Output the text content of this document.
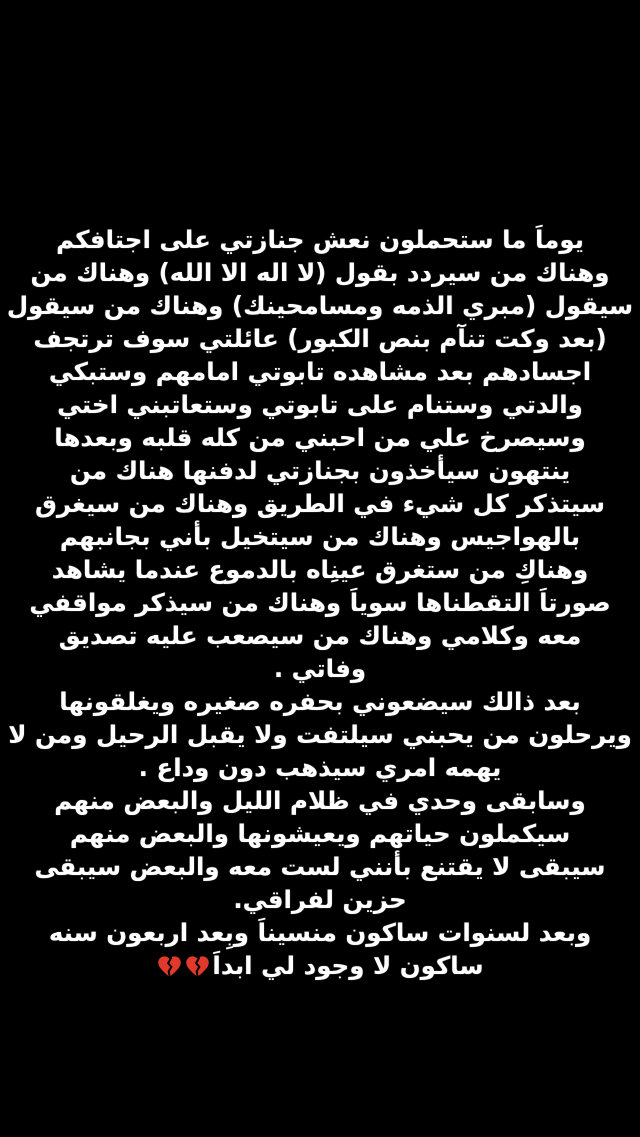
يوماَ ما ستحملون نعش جنازتي على اجتافكم
وهناك من سيردد بقول (لا اله الا الله) وهناك من
سيقول (مبري الذمه ومسامحينك) وهناك من سيقول
(بعد وكت تنآم بنص الكبور) عائلتي سوف ترتجف
اجسادهم بعد مشاهده تابوتي امامهم وستبكي
والدتي وستنام على تابوتي وستعاتبني اختي
وسيصرخ علي من احبني من كله قلبه وبعدها
ينتهون سيأخذون بجنازتي لدفنها هناك من
سيتذكر كل شيء في الطريق وهناك من سيغرق
بالهواجيس وهناك من سيتخيل بأني بجانبهم
وهناكِ من ستغرق عينِاه بالدموع عندما يشاهد
صورتاَ التقطناها سوياَ وهناك من سيذكر مواقفي
معه وكلامي وهناك من سيصعب عليه تصديق
وفاتي .
بعد ذالك سيضعوني بحفره صغيره ويغلقونها
ويرحلون من يحبني سيلتفت ولا يقبل الرحيل ومن لا
يهمه امري سيذهب دون وداع .
وسابقى وحدي في ظلام الليل والبعض منهم
سيكملون حياتهم ويعيشونها والبعض منهم
سيبقى لا يقتنع بأنني لست معه والبعض سيبقى
حزين لفراقي.
وبعد لسنوات ساكون منسيناَ وبِعد اربعون سنه
ساكون لا وجود لي ابداَ
